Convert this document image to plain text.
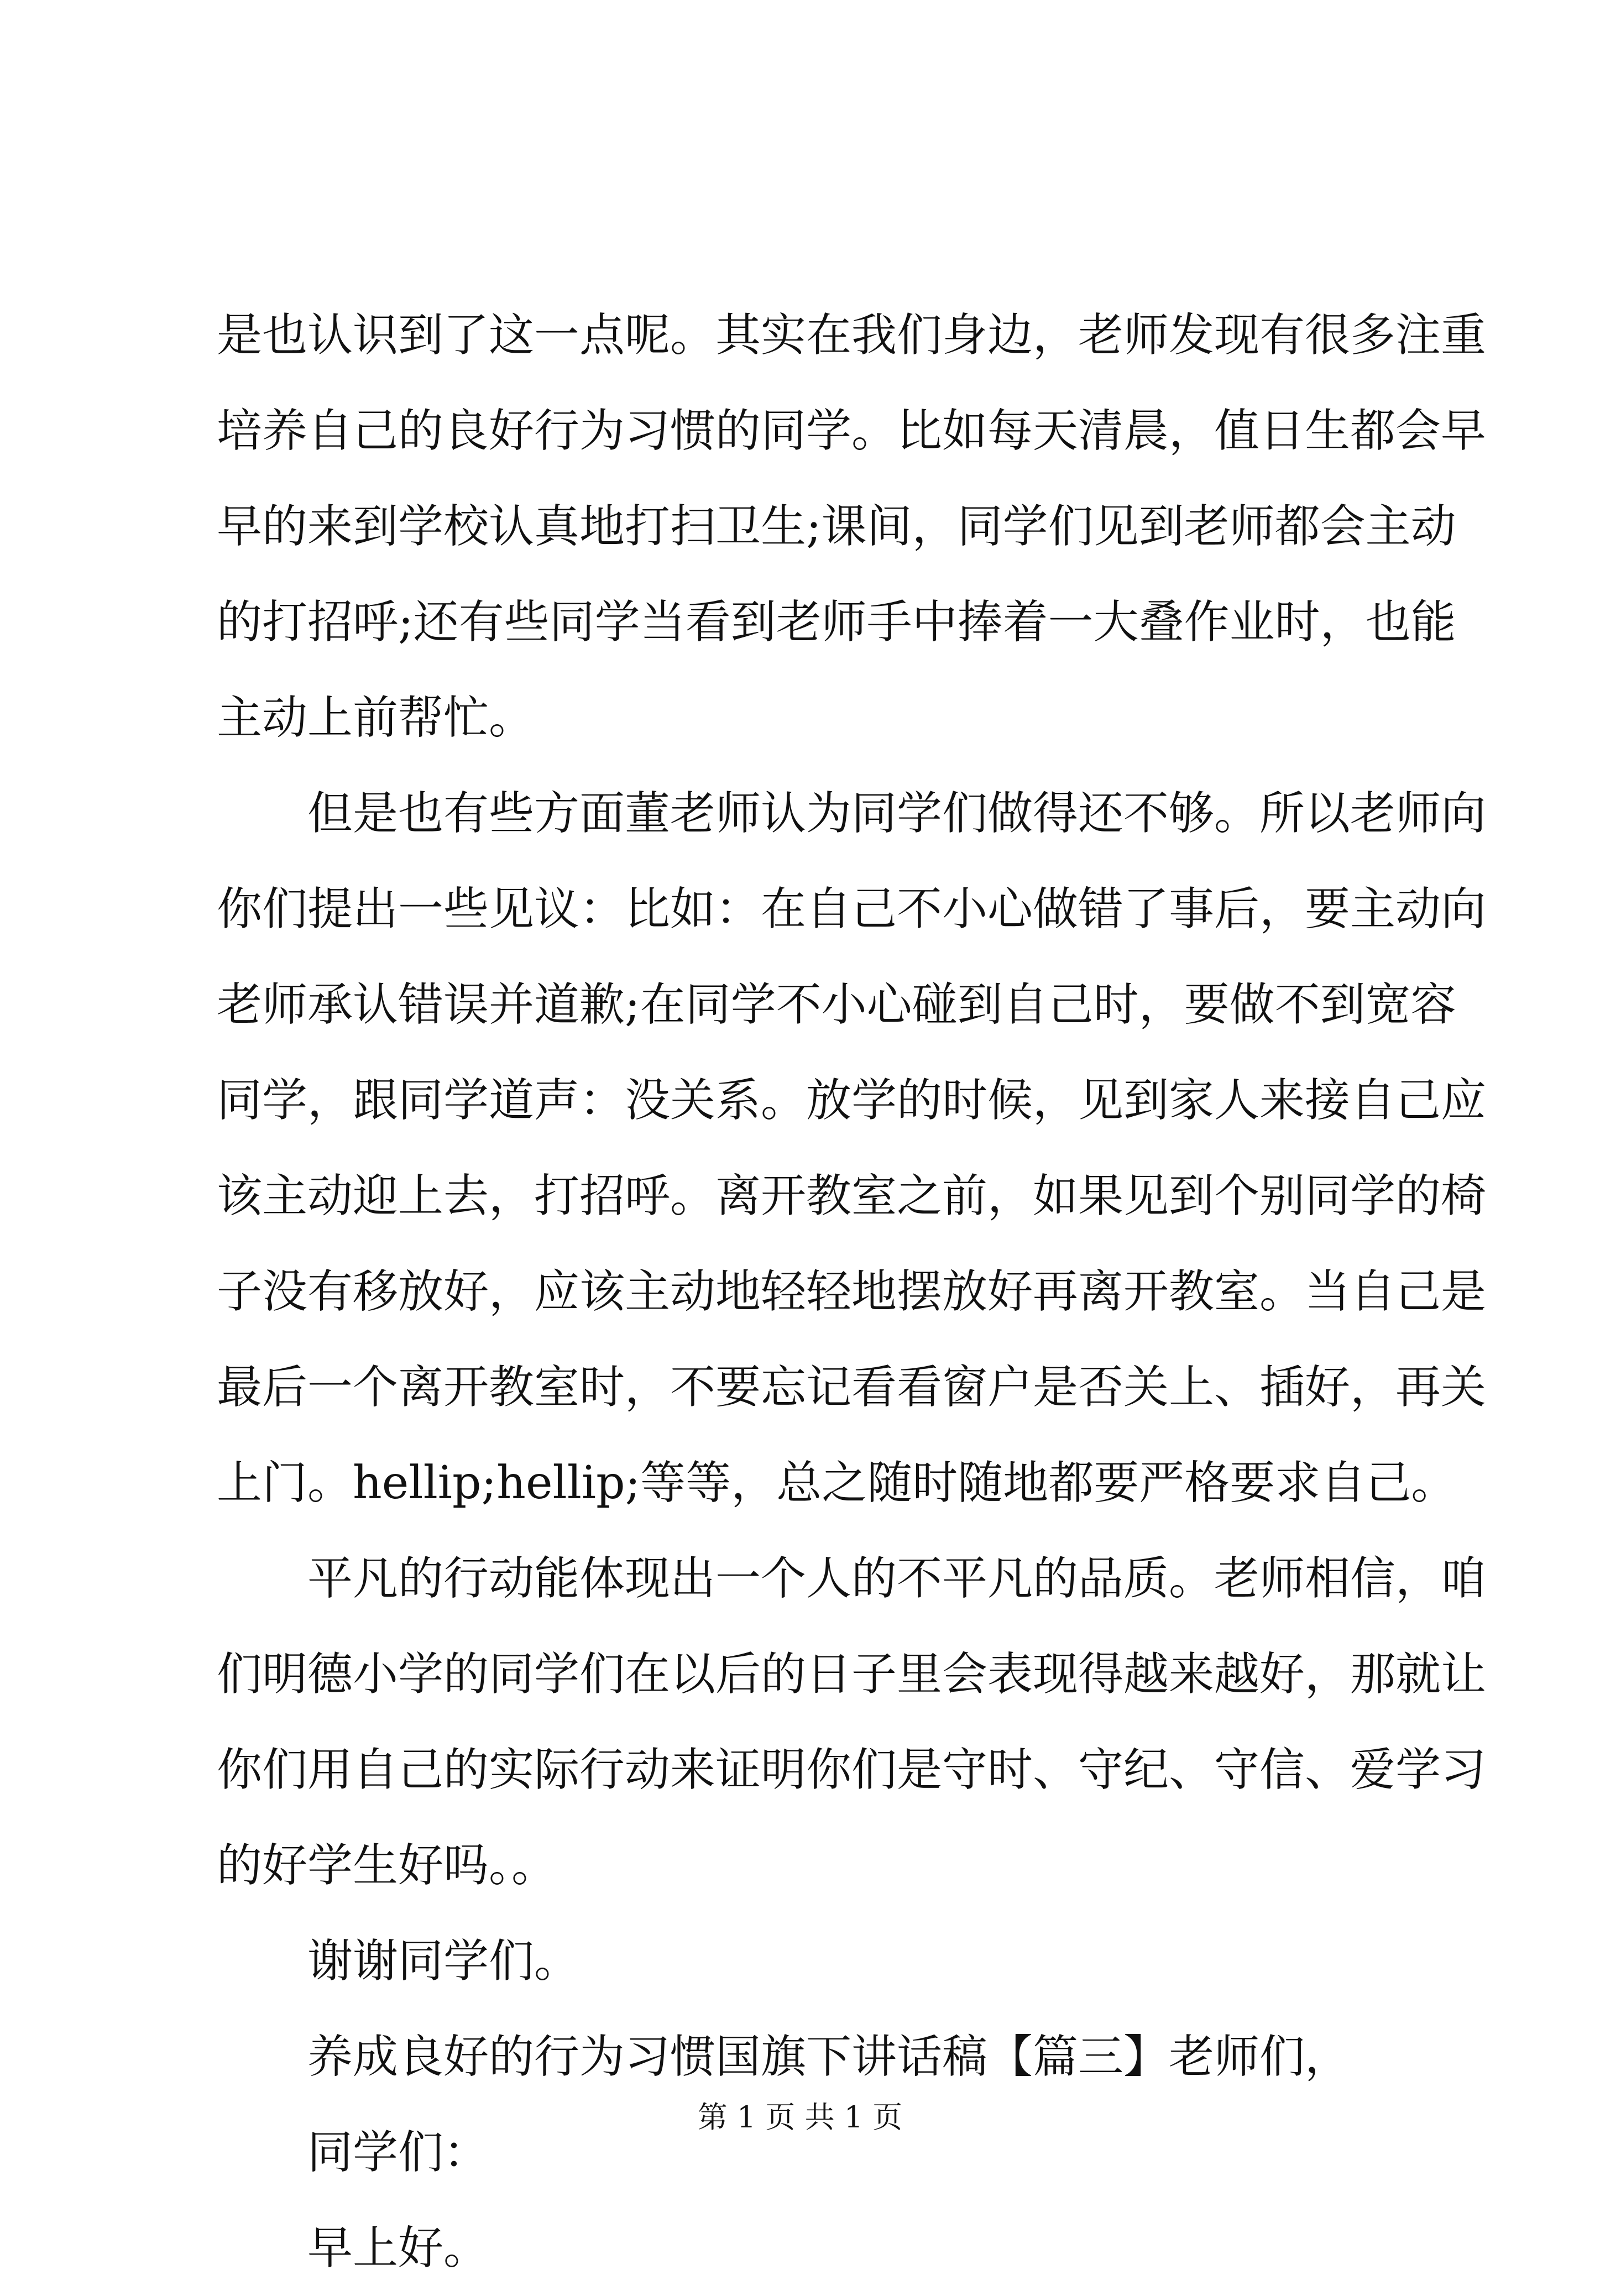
是也认识到了这一点呢。其实在我们身边，老师发现有很多注重
培养自己的良好行为习惯的同学。比如每天清晨，值日生都会早
早的来到学校认真地打扫卫生;课间，同学们见到老师都会主动
的打招呼;还有些同学当看到老师手中捧着一大叠作业时，也能
主动上前帮忙。
　　但是也有些方面董老师认为同学们做得还不够。所以老师向
你们提出一些见议：比如：在自己不小心做错了事后，要主动向
老师承认错误并道歉;在同学不小心碰到自己时，要做不到宽容
同学，跟同学道声：没关系。放学的时候，见到家人来接自己应
该主动迎上去，打招呼。离开教室之前，如果见到个别同学的椅
子没有移放好，应该主动地轻轻地摆放好再离开教室。当自己是
最后一个离开教室时，不要忘记看看窗户是否关上、插好，再关
上门。hellip;hellip;等等，总之随时随地都要严格要求自己。
　　平凡的行动能体现出一个人的不平凡的品质。老师相信，咱
们明德小学的同学们在以后的日子里会表现得越来越好，那就让
你们用自己的实际行动来证明你们是守时、守纪、守信、爱学习
的好学生好吗。。
　　谢谢同学们。
　　养成良好的行为习惯国旗下讲话稿【篇三】老师们，
　　同学们：
　　早上好。
第 1 页 共 1 页
